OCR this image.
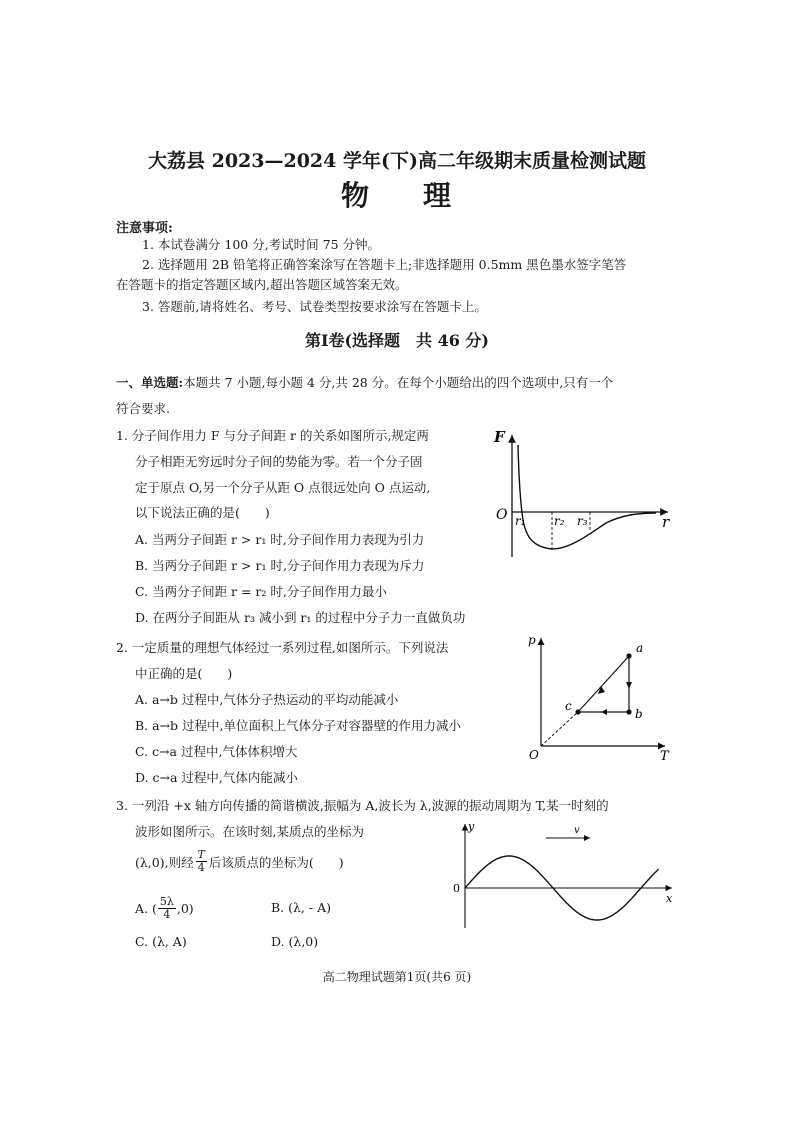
大荔县 2023—2024 学年(下)高二年级期末质量检测试题
物 理
注意事项:
1. 本试卷满分 100 分,考试时间 75 分钟。
2. 选择题用 2B 铅笔将正确答案涂写在答题卡上;非选择题用 0.5mm 黑色墨水签字笔答
在答题卡的指定答题区域内,超出答题区域答案无效。
3. 答题前,请将姓名、考号、试卷类型按要求涂写在答题卡上。
第Ⅰ卷(选择题　共 46 分)
一、单选题:本题共 7 小题,每小题 4 分,共 28 分。在每个小题给出的四个选项中,只有一个
符合要求.
1. 分子间作用力 F 与分子间距 r 的关系如图所示,规定两
分子相距无穷远时分子间的势能为零。若一个分子固
定于原点 O,另一个分子从距 O 点很远处向 O 点运动,
以下说法正确的是(　　)
A. 当两分子间距 r > r₁ 时,分子间作用力表现为引力
B. 当两分子间距 r > r₁ 时,分子间作用力表现为斥力
C. 当两分子间距 r = r₂ 时,分子间作用力最小
D. 在两分子间距从 r₃ 减小到 r₁ 的过程中分子力一直做负功
F
r
O r₁ r₂ r₃
2. 一定质量的理想气体经过一系列过程,如图所示。下列说法
中正确的是(　　)
A. a→b 过程中,气体分子热运动的平均动能减小
B. a→b 过程中,单位面积上气体分子对容器壁的作用力减小
C. c→a 过程中,气体体积增大
D. c→a 过程中,气体内能减小
p
T
O
a
b
c
3. 一列沿 +x 轴方向传播的简谐横波,振幅为 A,波长为 λ,波源的振动周期为 T,某一时刻的
波形如图所示。在该时刻,某质点的坐标为
(λ,0),则经 $\frac{T}{4}$ 后该质点的坐标为(　　)
A. ( $\frac{5\lambda}{4} ,0$)	B. (λ, - A)
C. (λ, A)	D. (λ,0)
y
x
0
v
高二物理试题第1页(共6 页)
